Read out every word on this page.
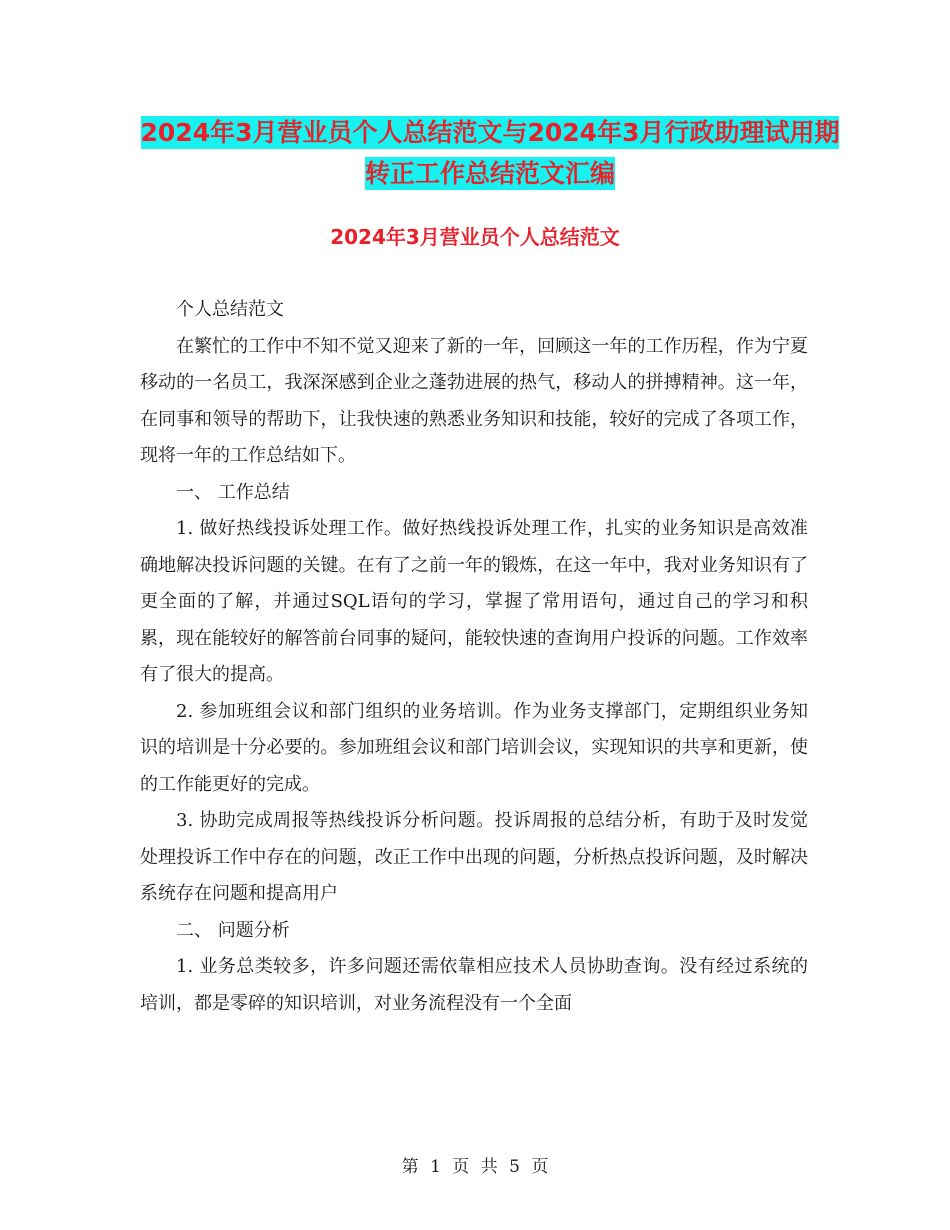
2024年3月营业员个人总结范文与2024年3月行政助理试用期转正工作总结范文汇编
2024年3月营业员个人总结范文

个人总结范文

在繁忙的工作中不知不觉又迎来了新的一年，回顾这一年的工作历程，作为宁夏移动的一名员工，我深深感到企业之蓬勃进展的热气，移动人的拼搏精神。这一年，在同事和领导的帮助下，让我快速的熟悉业务知识和技能，较好的完成了各项工作，现将一年的工作总结如下。

一、 工作总结

1. 做好热线投诉处理工作。做好热线投诉处理工作，扎实的业务知识是高效准确地解决投诉问题的关键。在有了之前一年的锻炼，在这一年中，我对业务知识有了更全面的了解，并通过SQL语句的学习，掌握了常用语句，通过自己的学习和积累，现在能较好的解答前台同事的疑问，能较快速的查询用户投诉的问题。工作效率有了很大的提高。

2. 参加班组会议和部门组织的业务培训。作为业务支撑部门，定期组织业务知识的培训是十分必要的。参加班组会议和部门培训会议，实现知识的共享和更新，使的工作能更好的完成。

3. 协助完成周报等热线投诉分析问题。投诉周报的总结分析，有助于及时发觉处理投诉工作中存在的问题，改正工作中出现的问题，分析热点投诉问题，及时解决系统存在问题和提高用户

二、 问题分析

1. 业务总类较多，许多问题还需依靠相应技术人员协助查询。没有经过系统的培训，都是零碎的知识培训，对业务流程没有一个全面

第 1 页 共 5 页
